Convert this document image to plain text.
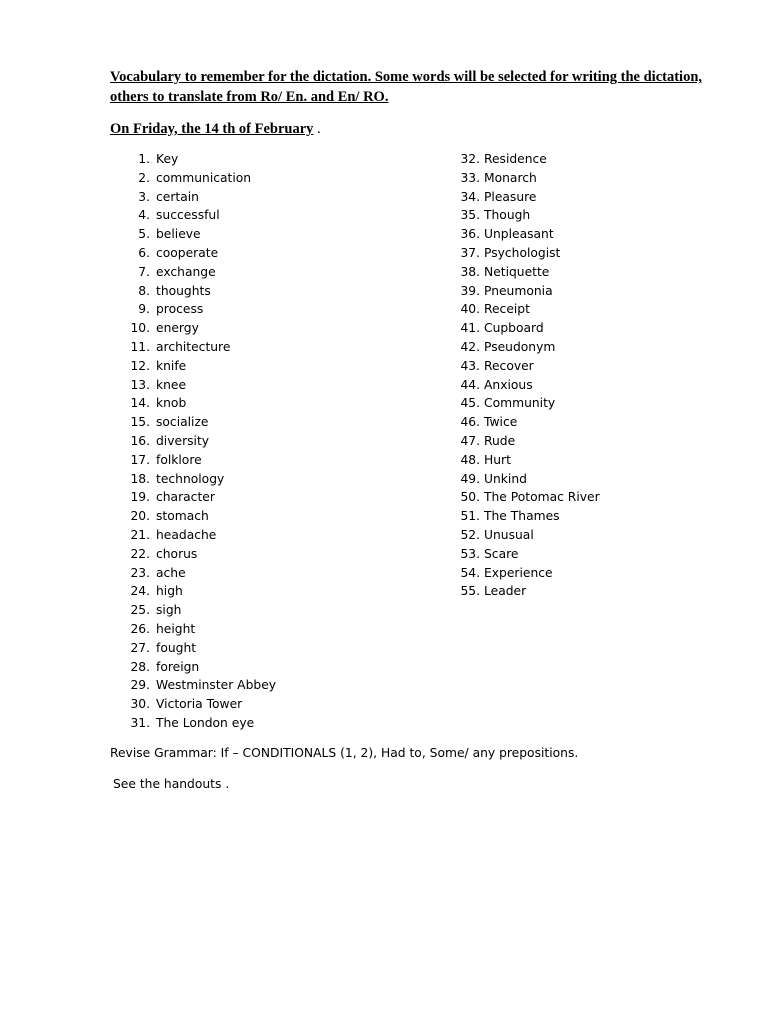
Vocabulary to remember for the dictation. Some words will be selected for writing the dictation, others to translate from Ro/ En. and En/ RO.

On Friday, the 14 th of February .
1. Key
2. communication
3. certain
4. successful
5. believe
6. cooperate
7. exchange
8. thoughts
9. process
10. energy
11. architecture
12. knife
13. knee
14. knob
15. socialize
16. diversity
17. folklore
18. technology
19. character
20. stomach
21. headache
22. chorus
23. ache
24. high
25. sigh
26. height
27. fought
28. foreign
29. Westminster Abbey
30. Victoria Tower
31. The London eye
32. Residence
33. Monarch
34. Pleasure
35. Though
36. Unpleasant
37. Psychologist
38. Netiquette
39. Pneumonia
40. Receipt
41. Cupboard
42. Pseudonym
43. Recover
44. Anxious
45. Community
46. Twice
47. Rude
48. Hurt
49. Unkind
50. The Potomac River
51. The Thames
52. Unusual
53. Scare
54. Experience
55. Leader
Revise Grammar: If – CONDITIONALS (1, 2), Had to, Some/ any prepositions.
See the handouts .
